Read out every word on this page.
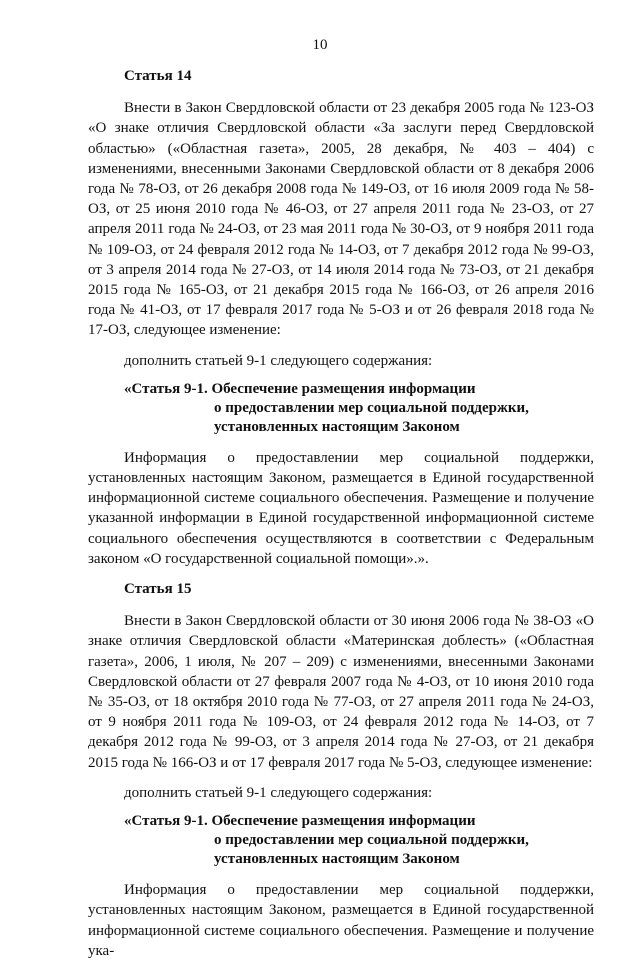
10
Статья 14

Внести в Закон Свердловской области от 23 декабря 2005 года № 123-ОЗ «О знаке отличия Свердловской области «За заслуги перед Свердловской областью» («Областная газета», 2005, 28 декабря, № 403 – 404) с изменениями, внесенными Законами Свердловской области от 8 декабря 2006 года № 78-ОЗ, от 26 декабря 2008 года № 149-ОЗ, от 16 июля 2009 года № 58-ОЗ, от 25 июня 2010 года № 46-ОЗ, от 27 апреля 2011 года № 23-ОЗ, от 27 апреля 2011 года № 24-ОЗ, от 23 мая 2011 года № 30-ОЗ, от 9 ноября 2011 года № 109-ОЗ, от 24 февраля 2012 года № 14-ОЗ, от 7 декабря 2012 года № 99-ОЗ, от 3 апреля 2014 года № 27-ОЗ, от 14 июля 2014 года № 73-ОЗ, от 21 декабря 2015 года № 165-ОЗ, от 21 декабря 2015 года № 166-ОЗ, от 26 апреля 2016 года № 41-ОЗ, от 17 февраля 2017 года № 5-ОЗ и от 26 февраля 2018 года № 17-ОЗ, следующее изменение:

дополнить статьей 9-1 следующего содержания:

«Статья 9-1. Обеспечение размещения информации
о предоставлении мер социальной поддержки,
установленных настоящим Законом

Информация о предоставлении мер социальной поддержки, установленных настоящим Законом, размещается в Единой государственной информационной системе социального обеспечения. Размещение и получение указанной информации в Единой государственной информационной системе социального обеспечения осуществляются в соответствии с Федеральным законом «О государственной социальной помощи».».

Статья 15

Внести в Закон Свердловской области от 30 июня 2006 года № 38-ОЗ «О знаке отличия Свердловской области «Материнская доблесть» («Областная газета», 2006, 1 июля, № 207 – 209) с изменениями, внесенными Законами Свердловской области от 27 февраля 2007 года № 4-ОЗ, от 10 июня 2010 года № 35-ОЗ, от 18 октября 2010 года № 77-ОЗ, от 27 апреля 2011 года № 24-ОЗ, от 9 ноября 2011 года № 109-ОЗ, от 24 февраля 2012 года № 14-ОЗ, от 7 декабря 2012 года № 99-ОЗ, от 3 апреля 2014 года № 27-ОЗ, от 21 декабря 2015 года № 166-ОЗ и от 17 февраля 2017 года № 5-ОЗ, следующее изменение:

дополнить статьей 9-1 следующего содержания:

«Статья 9-1. Обеспечение размещения информации
о предоставлении мер социальной поддержки,
установленных настоящим Законом

Информация о предоставлении мер социальной поддержки, установленных настоящим Законом, размещается в Единой государственной информационной системе социального обеспечения. Размещение и получение ука-
